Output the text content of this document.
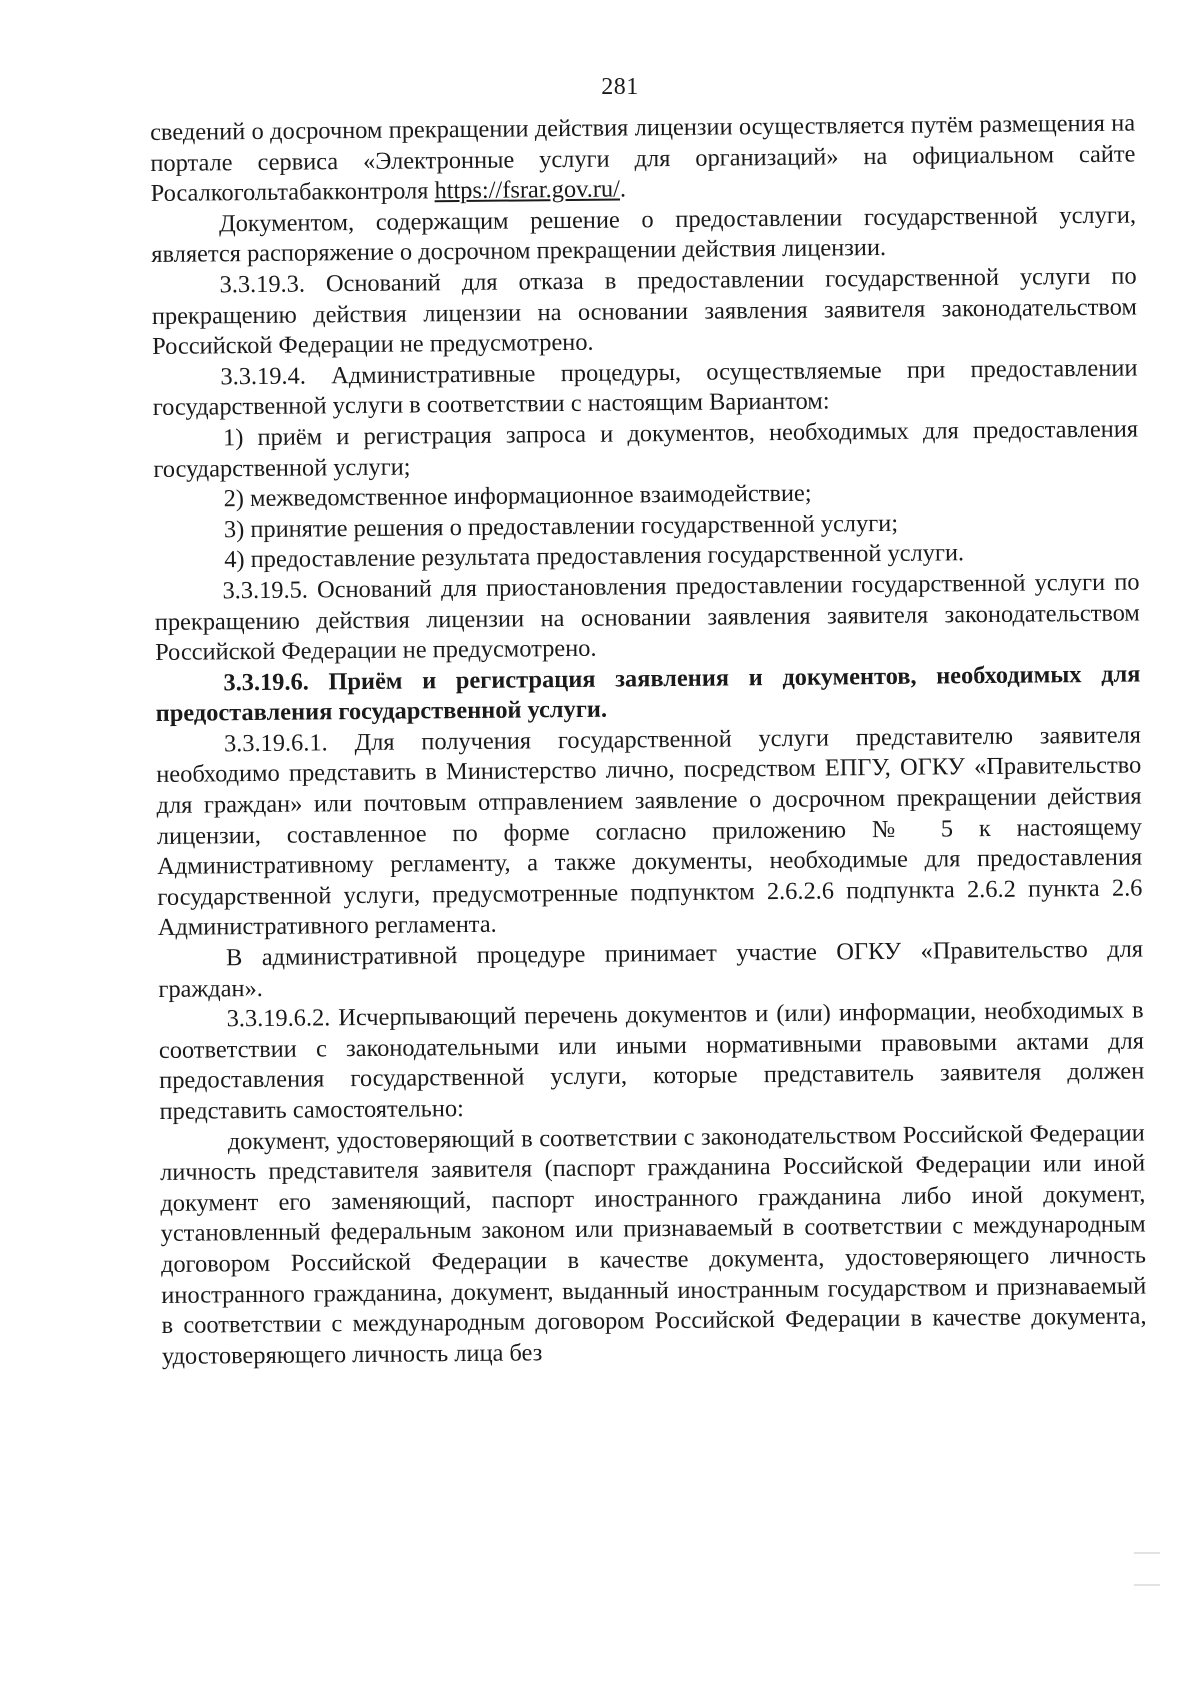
281

сведений о досрочном прекращении действия лицензии осуществляется путём размещения на портале сервиса «Электронные услуги для организаций» на официальном сайте Росалкогольтабакконтроля https://fsrar.gov.ru/.

Документом, содержащим решение о предоставлении государственной услуги, является распоряжение о досрочном прекращении действия лицензии.

3.3.19.3. Оснований для отказа в предоставлении государственной услуги по прекращению действия лицензии на основании заявления заявителя законодательством Российской Федерации не предусмотрено.

3.3.19.4. Административные процедуры, осуществляемые при предоставлении государственной услуги в соответствии с настоящим Вариантом:

1) приём и регистрация запроса и документов, необходимых для предоставления государственной услуги;

2) межведомственное информационное взаимодействие;

3) принятие решения о предоставлении государственной услуги;

4) предоставление результата предоставления государственной услуги.

3.3.19.5. Оснований для приостановления предоставлении государственной услуги по прекращению действия лицензии на основании заявления заявителя законодательством Российской Федерации не предусмотрено.

3.3.19.6. Приём и регистрация заявления и документов, необходимых для предоставления государственной услуги.

3.3.19.6.1. Для получения государственной услуги представителю заявителя необходимо представить в Министерство лично, посредством ЕПГУ, ОГКУ «Правительство для граждан» или почтовым отправлением заявление о досрочном прекращении действия лицензии, составленное по форме согласно приложению № 5 к настоящему Административному регламенту, а также документы, необходимые для предоставления государственной услуги, предусмотренные подпунктом 2.6.2.6 подпункта 2.6.2 пункта 2.6 Административного регламента.

В административной процедуре принимает участие ОГКУ «Правительство для граждан».

3.3.19.6.2. Исчерпывающий перечень документов и (или) информации, необходимых в соответствии с законодательными или иными нормативными правовыми актами для предоставления государственной услуги, которые представитель заявителя должен представить самостоятельно:

документ, удостоверяющий в соответствии с законодательством Российской Федерации личность представителя заявителя (паспорт гражданина Российской Федерации или иной документ его заменяющий, паспорт иностранного гражданина либо иной документ, установленный федеральным законом или признаваемый в соответствии с международным договором Российской Федерации в качестве документа, удостоверяющего личность иностранного гражданина, документ, выданный иностранным государством и признаваемый в соответствии с международным договором Российской Федерации в качестве документа, удостоверяющего личность лица без
